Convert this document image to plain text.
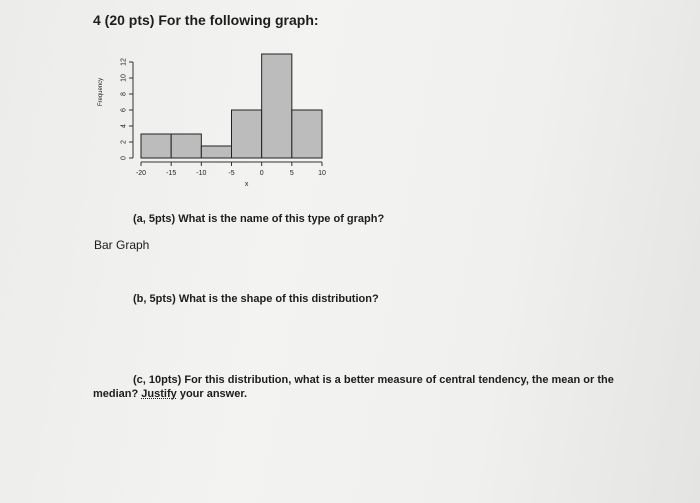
4 (20 pts) For the following graph:
-20	-15	-10	-5	0	5	10
x
0
2
4
6
8
10
12
Frequency
(a, 5pts) What is the name of this type of graph?
Bar Graph
(b, 5pts) What is the shape of this distribution?
(c, 10pts) For this distribution, what is a better measure of central tendency, the mean or the
median? Justify your answer.
